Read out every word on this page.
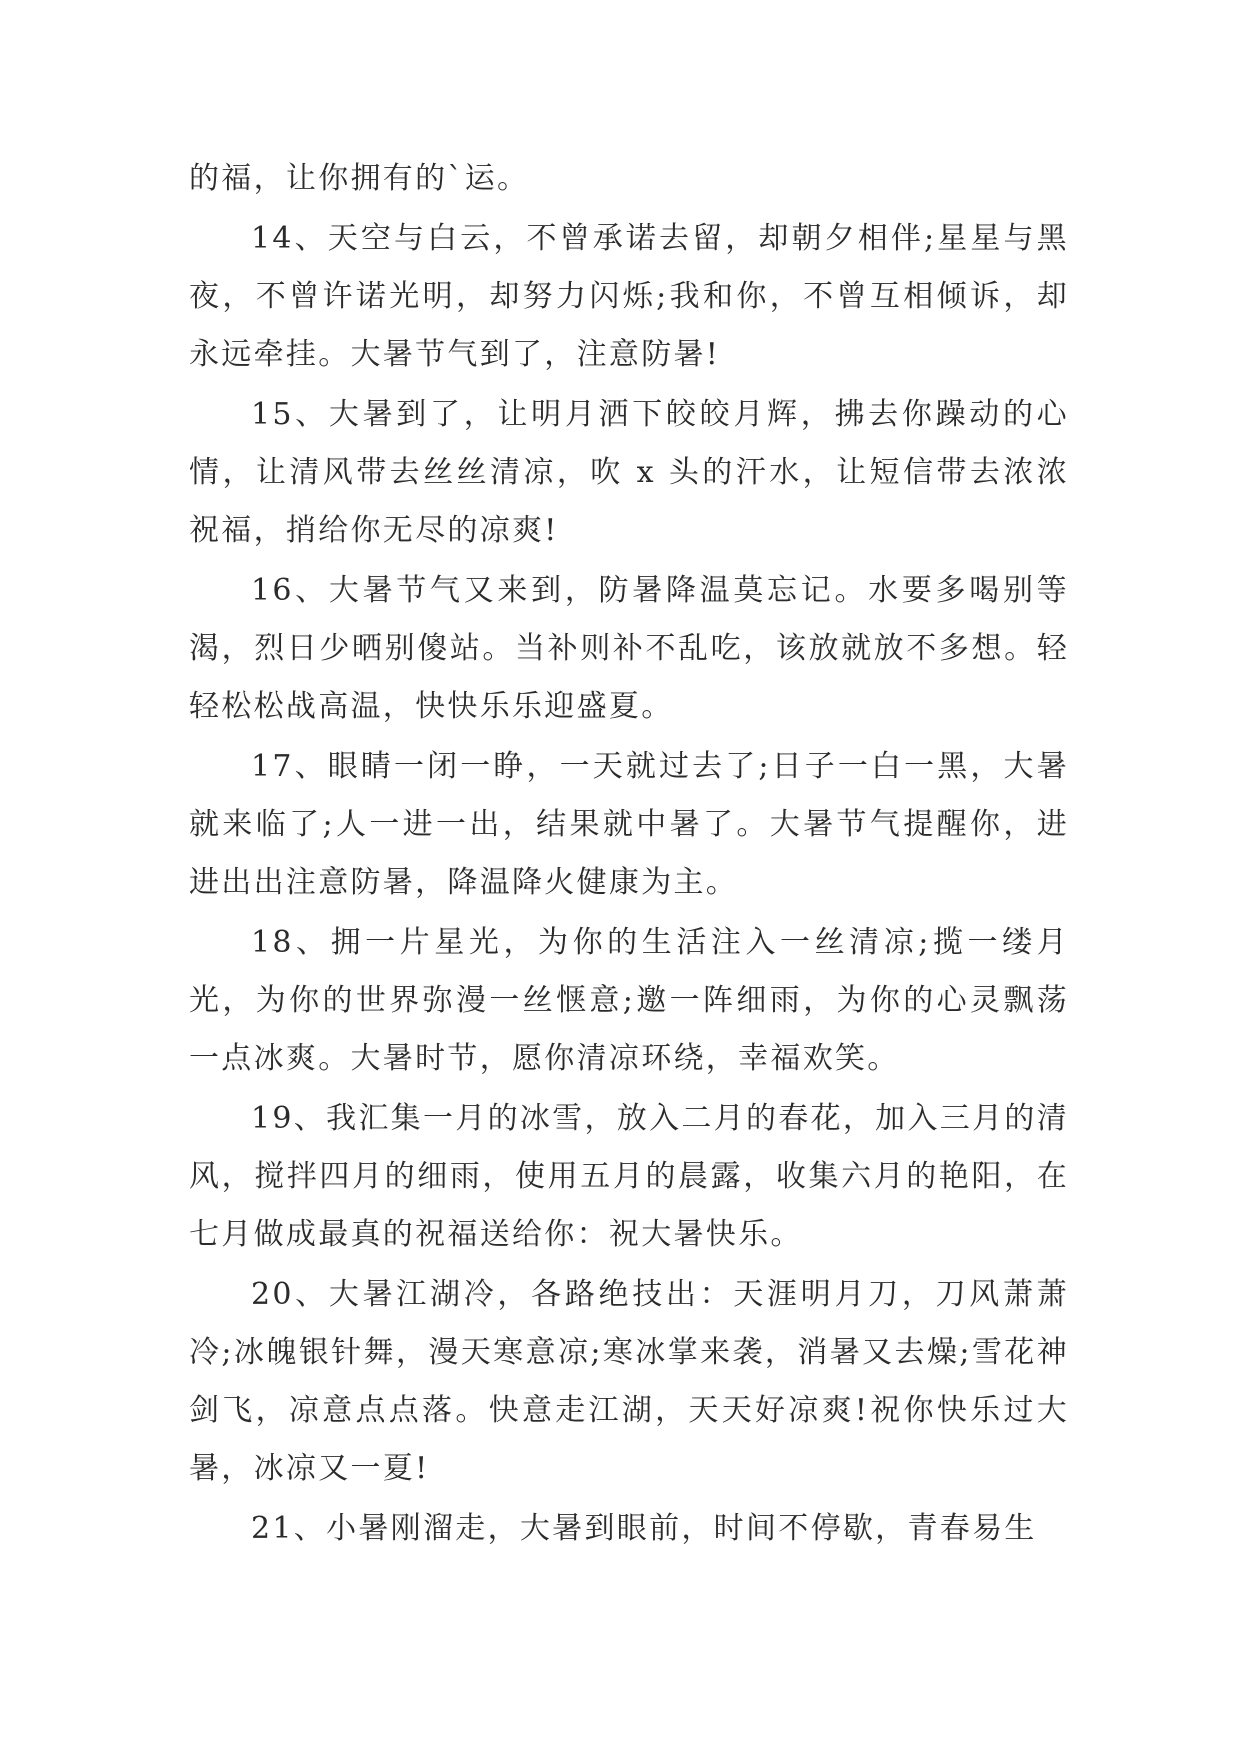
的福，让你拥有的`运。

14、天空与白云，不曾承诺去留，却朝夕相伴;星星与黑夜，不曾许诺光明，却努力闪烁;我和你，不曾互相倾诉，却永远牵挂。大暑节气到了，注意防暑!

15、大暑到了，让明月洒下皎皎月辉，拂去你躁动的心情，让清风带去丝丝清凉，吹 x 头的汗水，让短信带去浓浓祝福，捎给你无尽的凉爽!

16、大暑节气又来到，防暑降温莫忘记。水要多喝别等渴，烈日少晒别傻站。当补则补不乱吃，该放就放不多想。轻轻松松战高温，快快乐乐迎盛夏。

17、眼睛一闭一睁，一天就过去了;日子一白一黑，大暑就来临了;人一进一出，结果就中暑了。大暑节气提醒你，进进出出注意防暑，降温降火健康为主。

18、拥一片星光，为你的生活注入一丝清凉;揽一缕月光，为你的世界弥漫一丝惬意;邀一阵细雨，为你的心灵飘荡一点冰爽。大暑时节，愿你清凉环绕，幸福欢笑。

19、我汇集一月的冰雪，放入二月的春花，加入三月的清风，搅拌四月的细雨，使用五月的晨露，收集六月的艳阳，在七月做成最真的祝福送给你：祝大暑快乐。

20、大暑江湖冷，各路绝技出：天涯明月刀，刀风萧萧冷;冰魄银针舞，漫天寒意凉;寒冰掌来袭，消暑又去燥;雪花神剑飞，凉意点点落。快意走江湖，天天好凉爽!祝你快乐过大暑，冰凉又一夏!

21、小暑刚溜走，大暑到眼前，时间不停歇，青春易生
